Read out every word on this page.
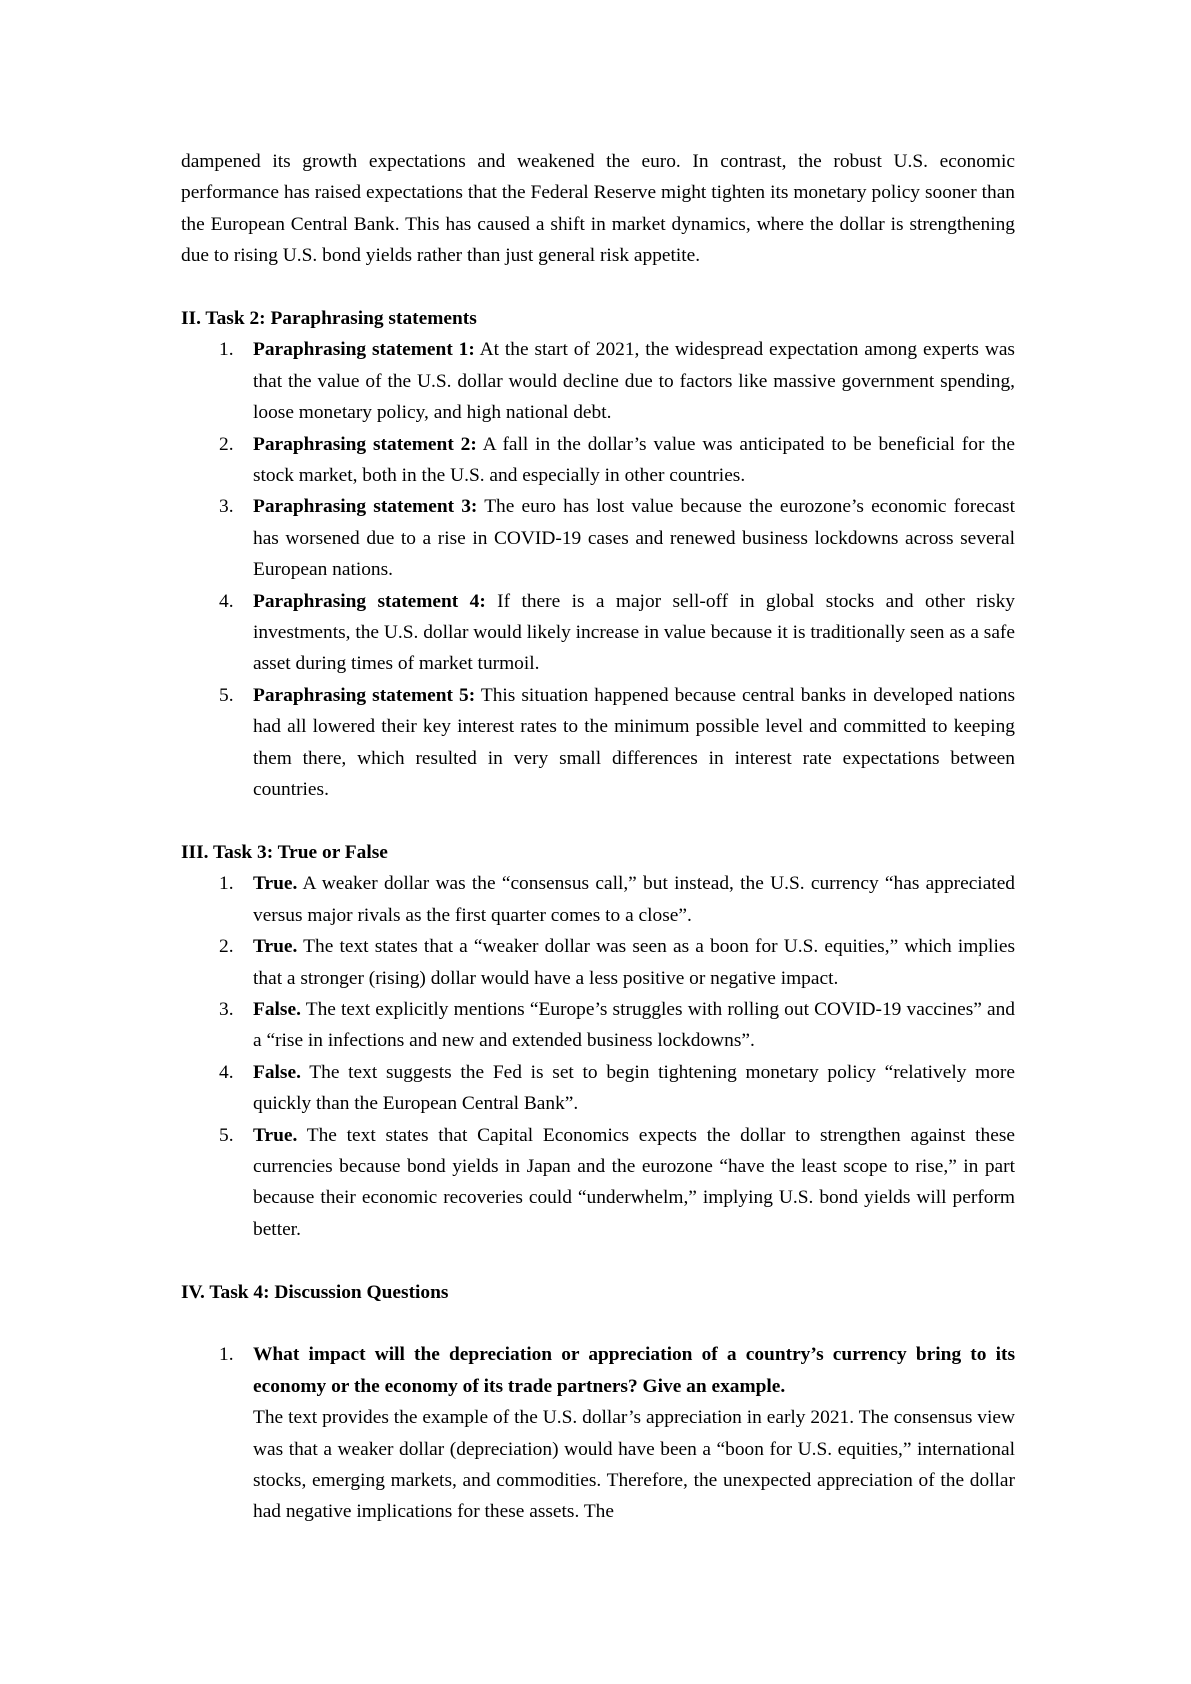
dampened its growth expectations and weakened the euro. In contrast, the robust U.S. economic performance has raised expectations that the Federal Reserve might tighten its monetary policy sooner than the European Central Bank. This has caused a shift in market dynamics, where the dollar is strengthening due to rising U.S. bond yields rather than just general risk appetite.

II. Task 2: Paraphrasing statements
1. Paraphrasing statement 1: At the start of 2021, the widespread expectation among experts was that the value of the U.S. dollar would decline due to factors like massive government spending, loose monetary policy, and high national debt.
2. Paraphrasing statement 2: A fall in the dollar’s value was anticipated to be beneficial for the stock market, both in the U.S. and especially in other countries.
3. Paraphrasing statement 3: The euro has lost value because the eurozone’s economic forecast has worsened due to a rise in COVID-19 cases and renewed business lockdowns across several European nations.
4. Paraphrasing statement 4: If there is a major sell-off in global stocks and other risky investments, the U.S. dollar would likely increase in value because it is traditionally seen as a safe asset during times of market turmoil.
5. Paraphrasing statement 5: This situation happened because central banks in developed nations had all lowered their key interest rates to the minimum possible level and committed to keeping them there, which resulted in very small differences in interest rate expectations between countries.
III. Task 3: True or False
1. True. A weaker dollar was the “consensus call,” but instead, the U.S. currency “has appreciated versus major rivals as the first quarter comes to a close”.
2. True. The text states that a “weaker dollar was seen as a boon for U.S. equities,” which implies that a stronger (rising) dollar would have a less positive or negative impact.
3. False. The text explicitly mentions “Europe’s struggles with rolling out COVID-19 vaccines” and a “rise in infections and new and extended business lockdowns”.
4. False. The text suggests the Fed is set to begin tightening monetary policy “relatively more quickly than the European Central Bank”.
5. True. The text states that Capital Economics expects the dollar to strengthen against these currencies because bond yields in Japan and the eurozone “have the least scope to rise,” in part because their economic recoveries could “underwhelm,” implying U.S. bond yields will perform better.
IV. Task 4: Discussion Questions
1. What impact will the depreciation or appreciation of a country’s currency bring to its economy or the economy of its trade partners? Give an example.
The text provides the example of the U.S. dollar’s appreciation in early 2021. The consensus view was that a weaker dollar (depreciation) would have been a “boon for U.S. equities,” international stocks, emerging markets, and commodities. Therefore, the unexpected appreciation of the dollar had negative implications for these assets. The
